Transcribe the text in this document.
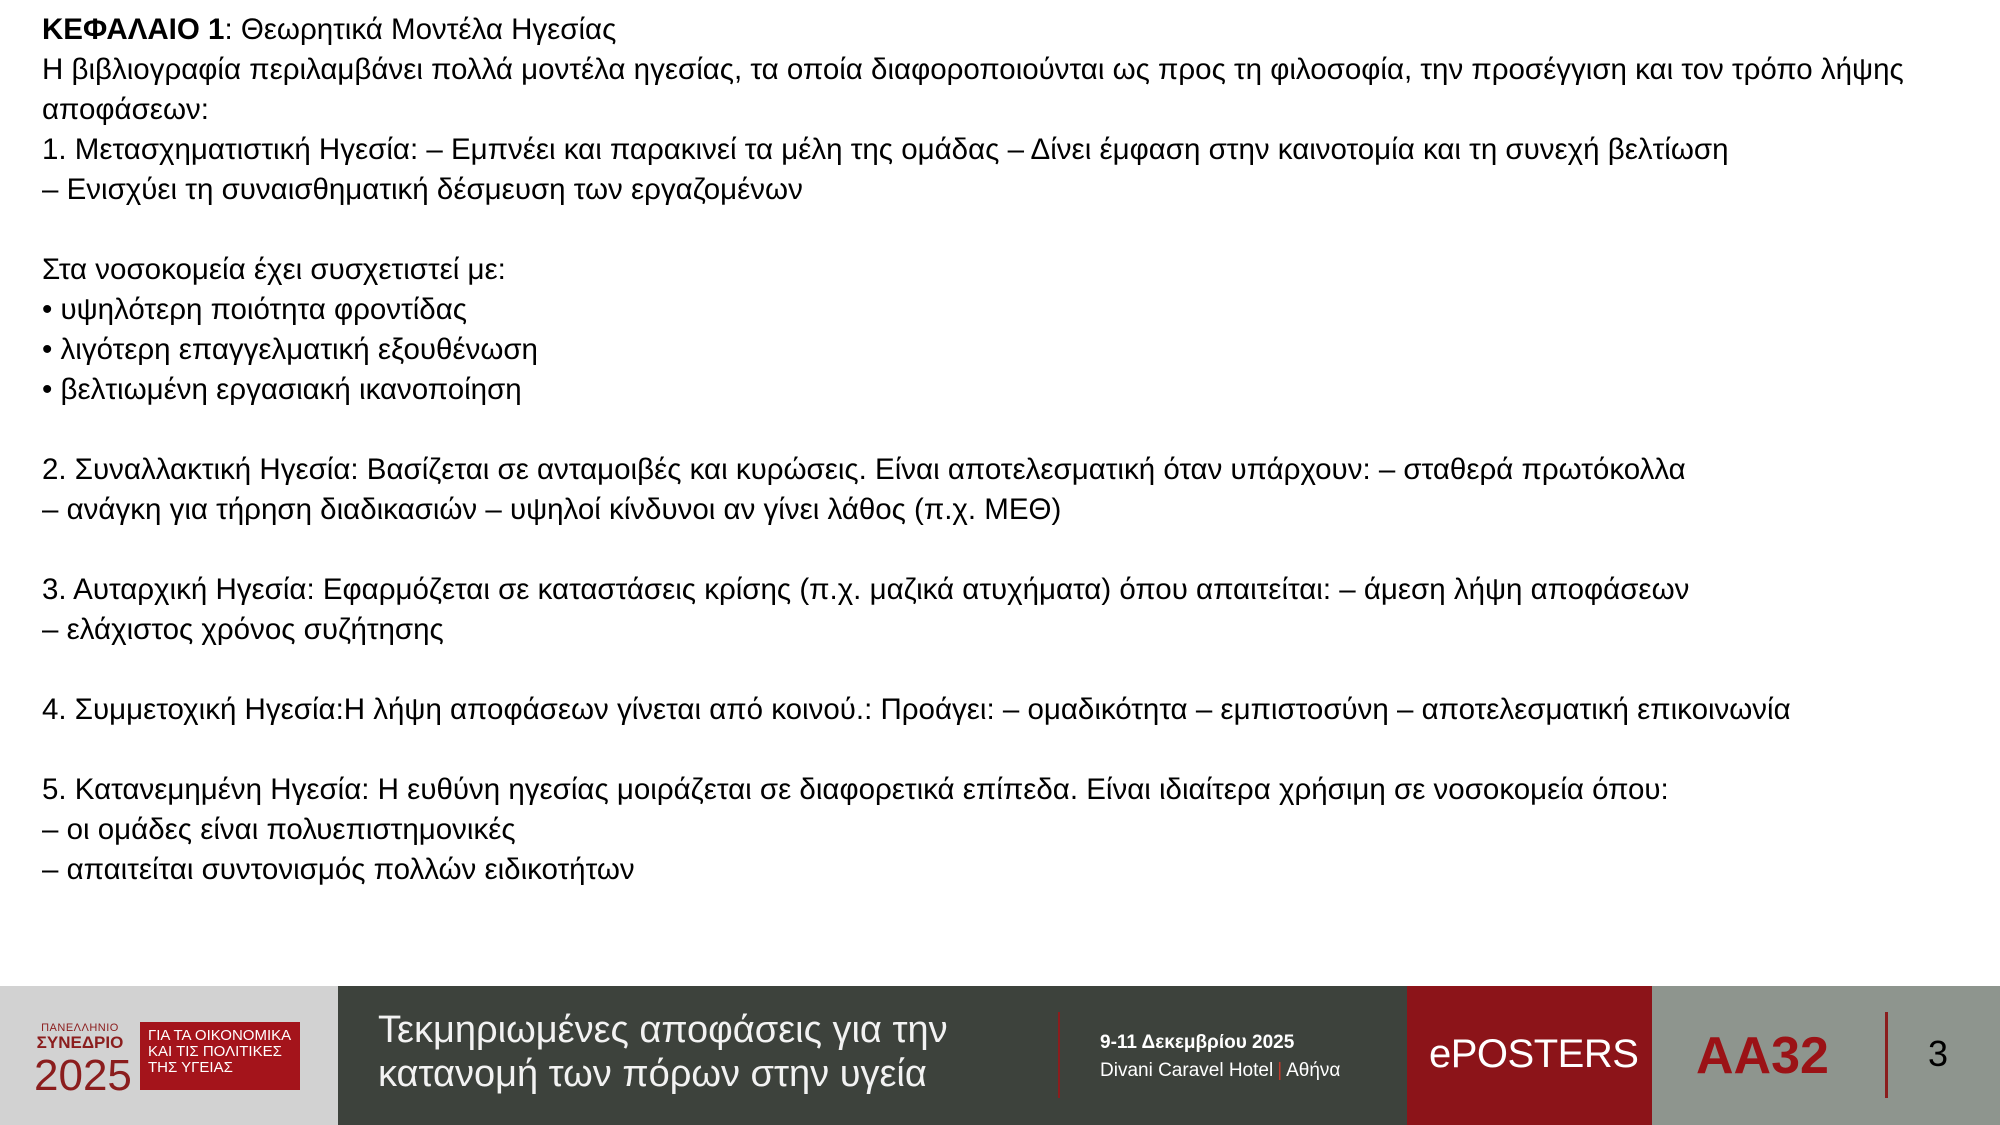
ΚΕΦΑΛΑΙΟ 1: Θεωρητικά Μοντέλα Ηγεσίας

Η βιβλιογραφία περιλαμβάνει πολλά μοντέλα ηγεσίας, τα οποία διαφοροποιούνται ως προς τη φιλοσοφία, την προσέγγιση και τον τρόπο λήψης αποφάσεων:

1. Μετασχηματιστική Ηγεσία: – Εμπνέει και παρακινεί τα μέλη της ομάδας – Δίνει έμφαση στην καινοτομία και τη συνεχή βελτίωση

– Ενισχύει τη συναισθηματική δέσμευση των εργαζομένων

Στα νοσοκομεία έχει συσχετιστεί με:

• υψηλότερη ποιότητα φροντίδας

• λιγότερη επαγγελματική εξουθένωση

• βελτιωμένη εργασιακή ικανοποίηση

2. Συναλλακτική Ηγεσία: Βασίζεται σε ανταμοιβές και κυρώσεις. Είναι αποτελεσματική όταν υπάρχουν: – σταθερά πρωτόκολλα

– ανάγκη για τήρηση διαδικασιών – υψηλοί κίνδυνοι αν γίνει λάθος (π.χ. ΜΕΘ)

3. Αυταρχική Ηγεσία: Εφαρμόζεται σε καταστάσεις κρίσης (π.χ. μαζικά ατυχήματα) όπου απαιτείται: – άμεση λήψη αποφάσεων

– ελάχιστος χρόνος συζήτησης

4. Συμμετοχική Ηγεσία:Η λήψη αποφάσεων γίνεται από κοινού.: Προάγει: – ομαδικότητα – εμπιστοσύνη – αποτελεσματική επικοινωνία

5. Κατανεμημένη Ηγεσία: Η ευθύνη ηγεσίας μοιράζεται σε διαφορετικά επίπεδα. Είναι ιδιαίτερα χρήσιμη σε νοσοκομεία όπου:

– οι ομάδες είναι πολυεπιστημονικές

– απαιτείται συντονισμός πολλών ειδικοτήτων

ΠΑΝΕΛΛΗΝΙΟ
ΣΥΝΕΔΡΙΟ
2025
ΓΙΑ ΤΑ ΟΙΚΟΝΟΜΙΚΑ
ΚΑΙ ΤΙΣ ΠΟΛΙΤΙΚΕΣ
ΤΗΣ ΥΓΕΙΑΣ
Τεκμηριωμένες αποφάσεις για την
κατανομή των πόρων στην υγεία
9-11 Δεκεμβρίου 2025
Divani Caravel Hotel | Αθήνα ePOSTERS AA32	3
